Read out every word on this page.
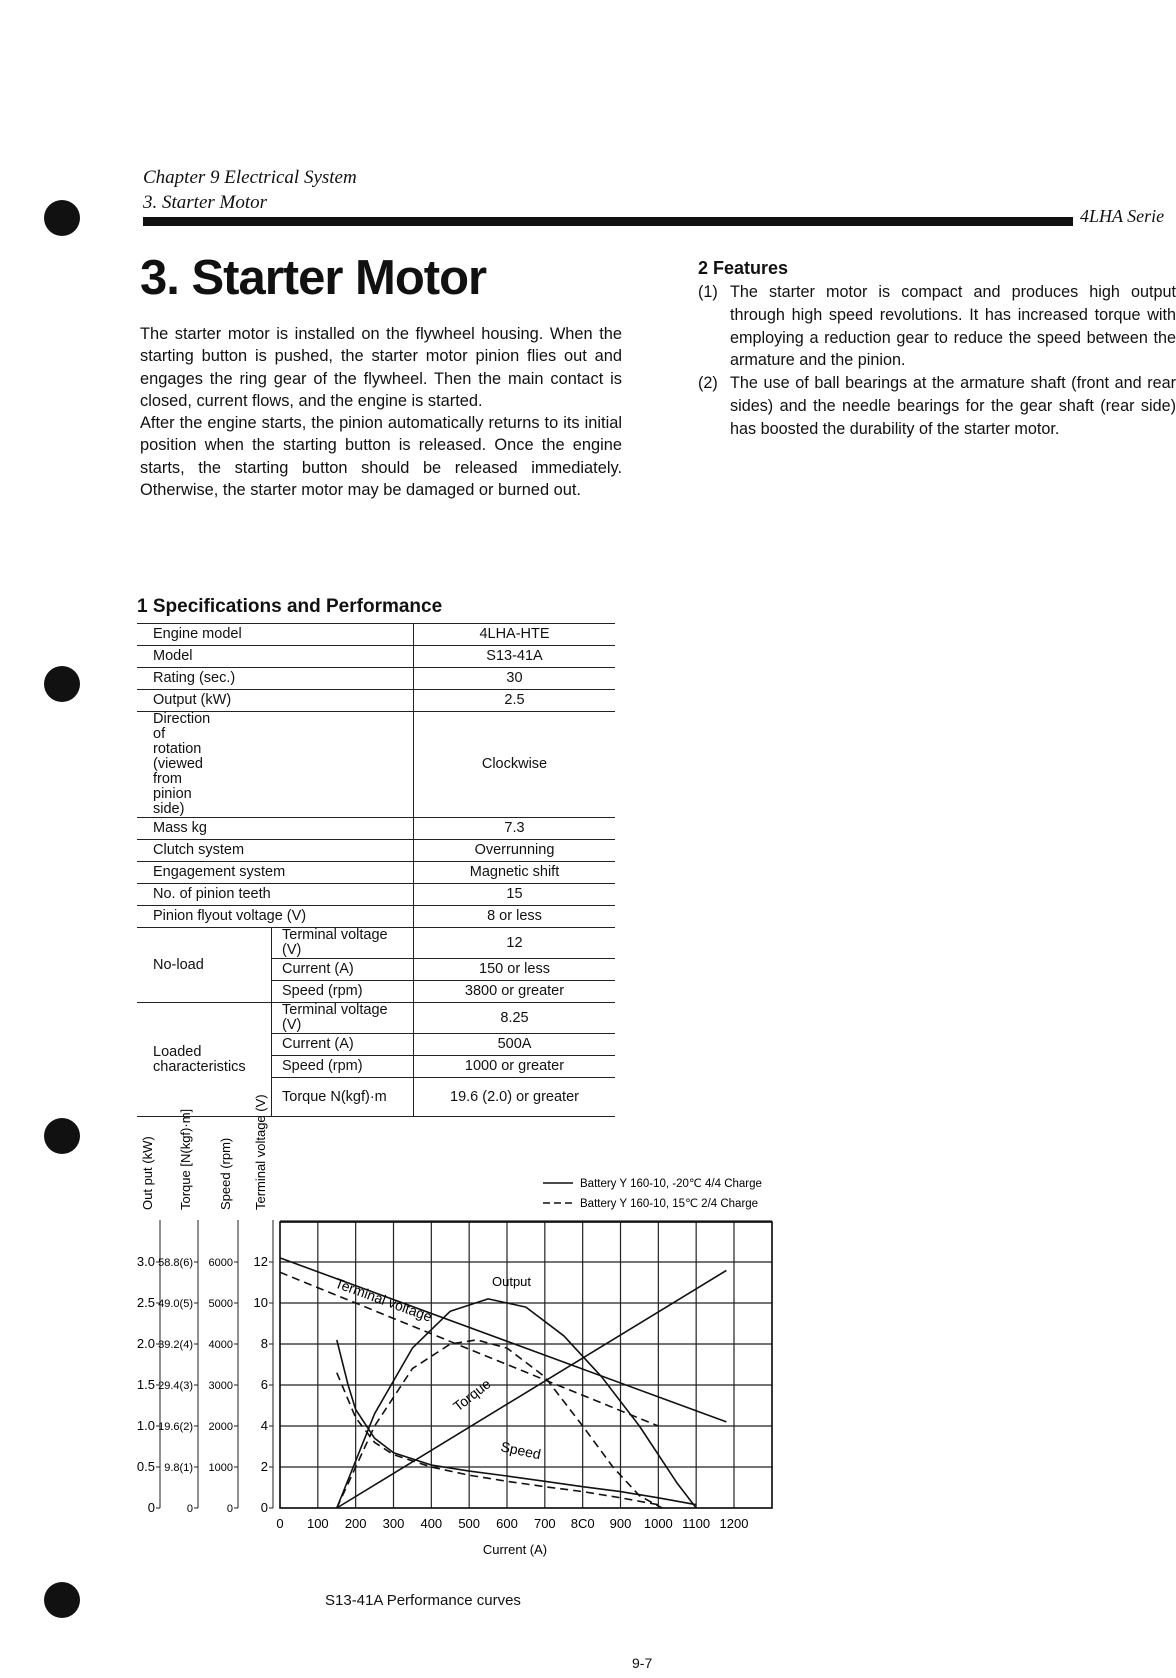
Chapter 9 Electrical System
3. Starter Motor
4LHA Serie
3. Starter Motor

The starter motor is installed on the flywheel housing. When the starting button is pushed, the starter motor pinion flies out and engages the ring gear of the flywheel. Then the main contact is closed, current flows, and the engine is started.

After the engine starts, the pinion automatically returns to its initial position when the starting button is released. Once the engine starts, the starting button should be released immediately. Otherwise, the starter motor may be damaged or burned out.

2 Features
(1) The starter motor is compact and produces high output through high speed revolutions. It has increased torque with employing a reduction gear to reduce the speed between the armature and the pinion.
(2) The use of ball bearings at the armature shaft (front and rear sides) and the needle bearings for the gear shaft (rear side) has boosted the durability of the starter motor.
1 Specifications and Performance
Engine model		4LHA-HTE
Model		S13-41A
Rating (sec.)		30
Output (kW)		2.5
Direction of rotation (viewed from pinion side)		Clockwise
Mass kg		7.3
Clutch system		Overrunning
Engagement system		Magnetic shift
No. of pinion teeth		15
Pinion flyout voltage (V)		8 or less
No-load	Terminal voltage (V)	12
	Current (A)	150 or less
	Speed (rpm)	3800 or greater
Loaded characteristics	Terminal voltage (V)	8.25
	Current (A)	500A
	Speed (rpm)	1000 or greater
	Torque N(kgf)·m	19.6 (2.0) or greater
0 100 200 300 400 500 600 700 8C0 900 1000 1100 1200
Current (A)
3.0
2.5
2.0
1.5
1.0
0.5
0
Out put (kW)
58.8(6)
49.0(5)
39.2(4)
29.4(3)
19.6(2)
9.8(1)
0
Torque [N(kgf)·m]
6000
5000
4000
3000
2000
1000
0
Speed (rpm)
12
10
8
6
4
2
0
Terminal voltage (V)	Battery Y 160-10, -20℃ 4/4 Charge
Battery Y 160-10, 15℃ 2/4 Charge
Terminal voltage	Output
Torque
Speed
S13-41A Performance curves
9-7
